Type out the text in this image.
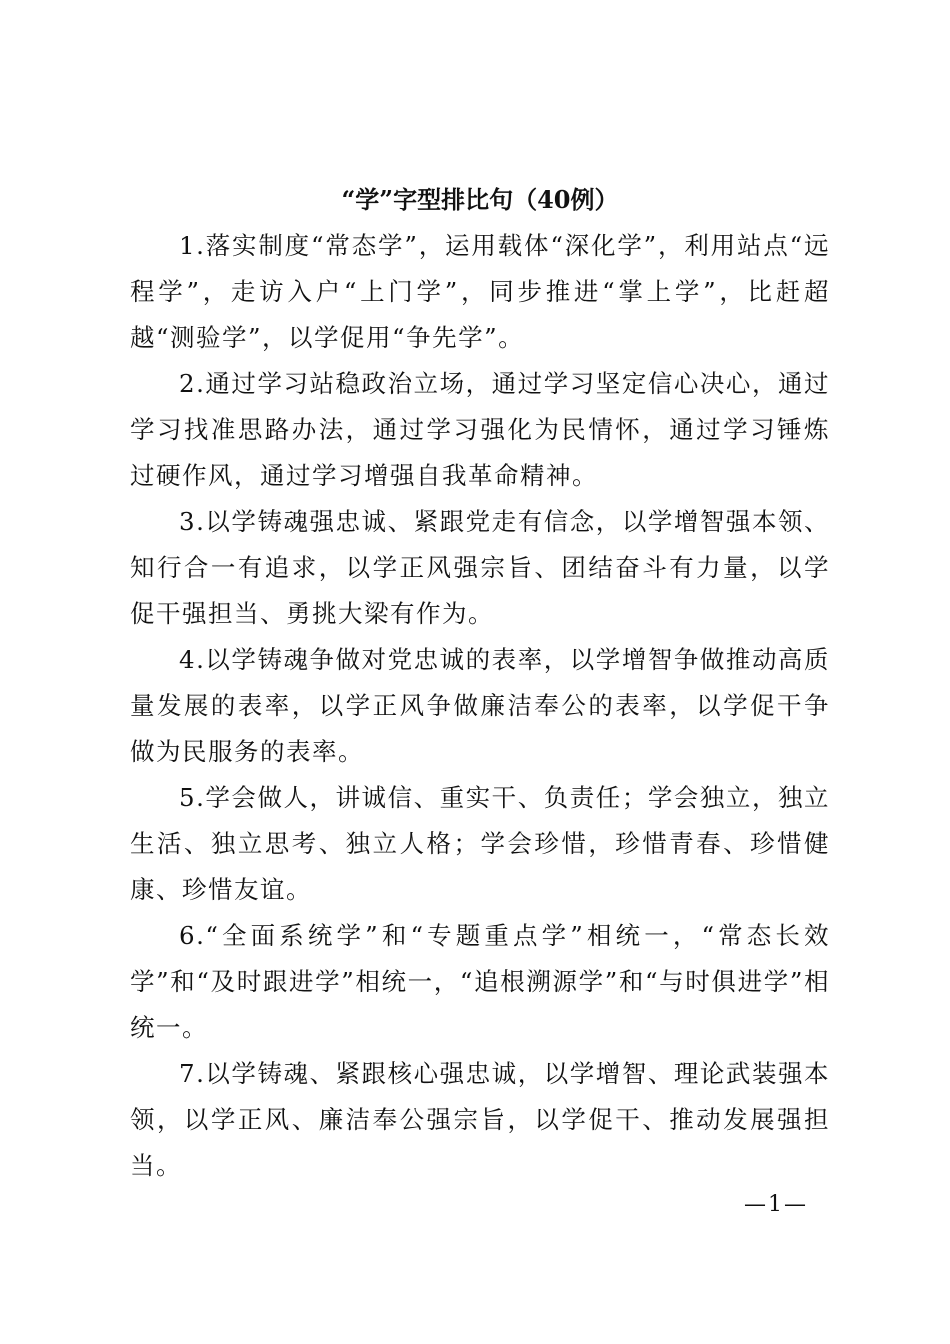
“学”字型排比句（40例）

1.落实制度“常态学”，运用载体“深化学”，利用站点“远程学”，走访入户“上门学”，同步推进“掌上学”，比赶超越“测验学”，以学促用“争先学”。

2.通过学习站稳政治立场，通过学习坚定信心决心，通过学习找准思路办法，通过学习强化为民情怀，通过学习锤炼过硬作风，通过学习增强自我革命精神。

3.以学铸魂强忠诚、紧跟党走有信念，以学增智强本领、知行合一有追求，以学正风强宗旨、团结奋斗有力量，以学促干强担当、勇挑大梁有作为。

4.以学铸魂争做对党忠诚的表率，以学增智争做推动高质量发展的表率，以学正风争做廉洁奉公的表率，以学促干争做为民服务的表率。

5.学会做人，讲诚信、重实干、负责任；学会独立，独立生活、独立思考、独立人格；学会珍惜，珍惜青春、珍惜健康、珍惜友谊。

6.“全面系统学”和“专题重点学”相统一，“常态长效学”和“及时跟进学”相统一，“追根溯源学”和“与时俱进学”相统一。

7.以学铸魂、紧跟核心强忠诚，以学增智、理论武装强本领，以学正风、廉洁奉公强宗旨，以学促干、推动发展强担当。

—1—
